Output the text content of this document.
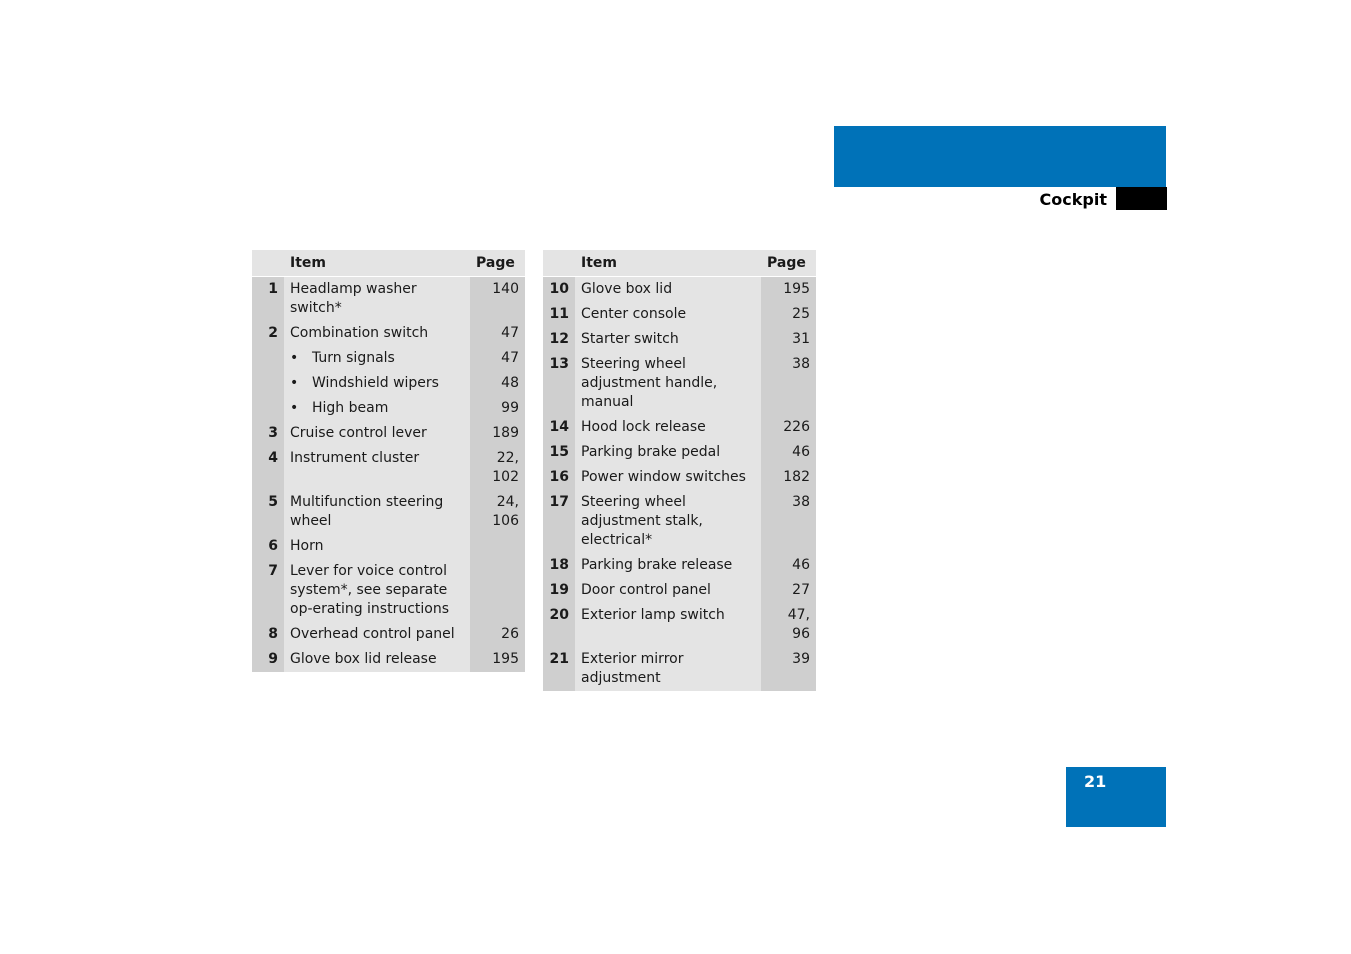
At a glance
Cockpit
	Item	Page
1	Headlamp washer switch*	140
2	Combination switch	47
	• Turn signals	47
	• Windshield wipers	48
	• High beam	99
3	Cruise control lever	189
4	Instrument cluster	22, 102
5	Multifunction steering wheel	24, 106
6	Horn	
7	Lever for voice control system*, see separate op-erating instructions	
8	Overhead control panel	26
9	Glove box lid release	195
	Item	Page
10	Glove box lid	195
11	Center console	25
12	Starter switch	31
13	Steering wheel adjustment handle, manual	38
14	Hood lock release	226
15	Parking brake pedal	46
16	Power window switches	182
17	Steering wheel adjustment stalk, electrical*	38
18	Parking brake release	46
19	Door control panel	27
20	Exterior lamp switch	47, 96
21	Exterior mirror adjustment	39
21
